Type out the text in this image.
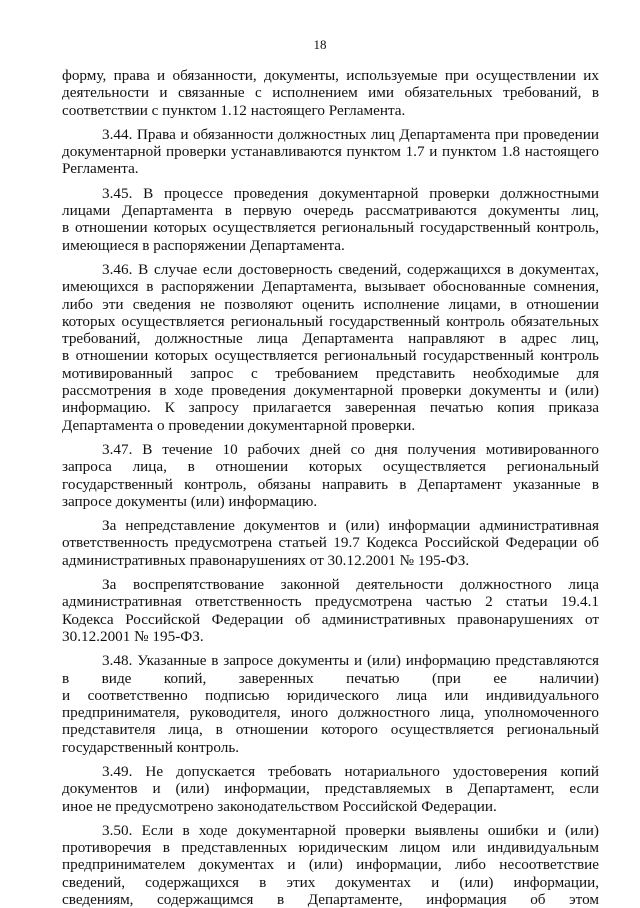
18
форму, права и обязанности, документы, используемые при осуществлении их
деятельности и связанные с исполнением ими обязательных требований, в
соответствии с пунктом 1.12 настоящего Регламента.
3.44. Права и обязанности должностных лиц Департамента при проведении
документарной проверки устанавливаются пунктом 1.7 и пунктом 1.8 настоящего
Регламента.
3.45. В процессе проведения документарной проверки должностными
лицами Департамента в первую очередь рассматриваются документы лиц,
в отношении которых осуществляется региональный государственный контроль,
имеющиеся в распоряжении Департамента.
3.46. В случае если достоверность сведений, содержащихся в документах,
имеющихся в распоряжении Департамента, вызывает обоснованные сомнения,
либо эти сведения не позволяют оценить исполнение лицами, в отношении
которых осуществляется региональный государственный контроль обязательных
требований, должностные лица Департамента направляют в адрес лиц,
в отношении которых осуществляется региональный государственный контроль
мотивированный запрос с требованием представить необходимые для
рассмотрения в ходе проведения документарной проверки документы и (или)
информацию. К запросу прилагается заверенная печатью копия приказа
Департамента о проведении документарной проверки.
3.47. В течение 10 рабочих дней со дня получения мотивированного
запроса лица, в отношении которых осуществляется региональный
государственный контроль, обязаны направить в Департамент указанные в
запросе документы (или) информацию.
За непредставление документов и (или) информации административная
ответственность предусмотрена статьей 19.7 Кодекса Российской Федерации об
административных правонарушениях от 30.12.2001 № 195-ФЗ.
За воспрепятствование законной деятельности должностного лица
административная ответственность предусмотрена частью 2 статьи 19.4.1
Кодекса Российской Федерации об административных правонарушениях от
30.12.2001 № 195-ФЗ.
3.48. Указанные в запросе документы и (или) информацию представляются
в виде копий, заверенных печатью (при ее наличии)
и соответственно подписью юридического лица или индивидуального
предпринимателя, руководителя, иного должностного лица, уполномоченного
представителя лица, в отношении которого осуществляется региональный
государственный контроль.
3.49. Не допускается требовать нотариального удостоверения копий
документов и (или) информации, представляемых в Департамент, если
иное не предусмотрено законодательством Российской Федерации.
3.50. Если в ходе документарной проверки выявлены ошибки и (или)
противоречия в представленных юридическим лицом или индивидуальным
предпринимателем документах и (или) информации, либо несоответствие
сведений, содержащихся в этих документах и (или) информации,
сведениям, содержащимся в Департаменте, информация об этом
